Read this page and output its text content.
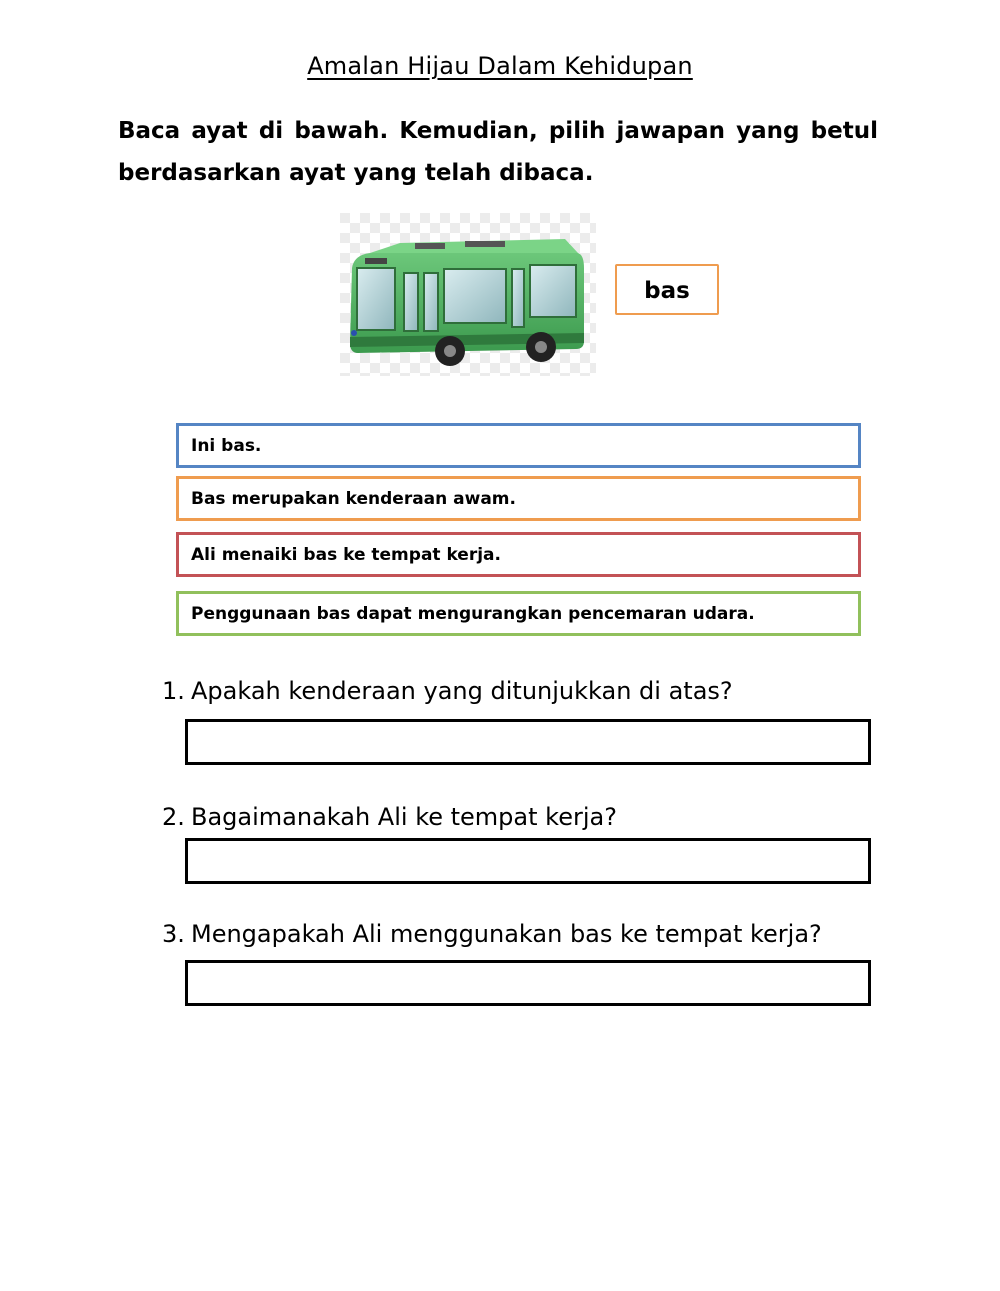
Amalan Hijau Dalam Kehidupan
Baca ayat di bawah. Kemudian, pilih jawapan yang betul berdasarkan ayat yang telah dibaca.
bas
Ini bas.
Bas merupakan kenderaan awam.
Ali menaiki bas ke tempat kerja.
Penggunaan bas dapat mengurangkan pencemaran udara.
1. Apakah kenderaan yang ditunjukkan di atas?
2. Bagaimanakah Ali ke tempat kerja?
3. Mengapakah Ali menggunakan bas ke tempat kerja?
